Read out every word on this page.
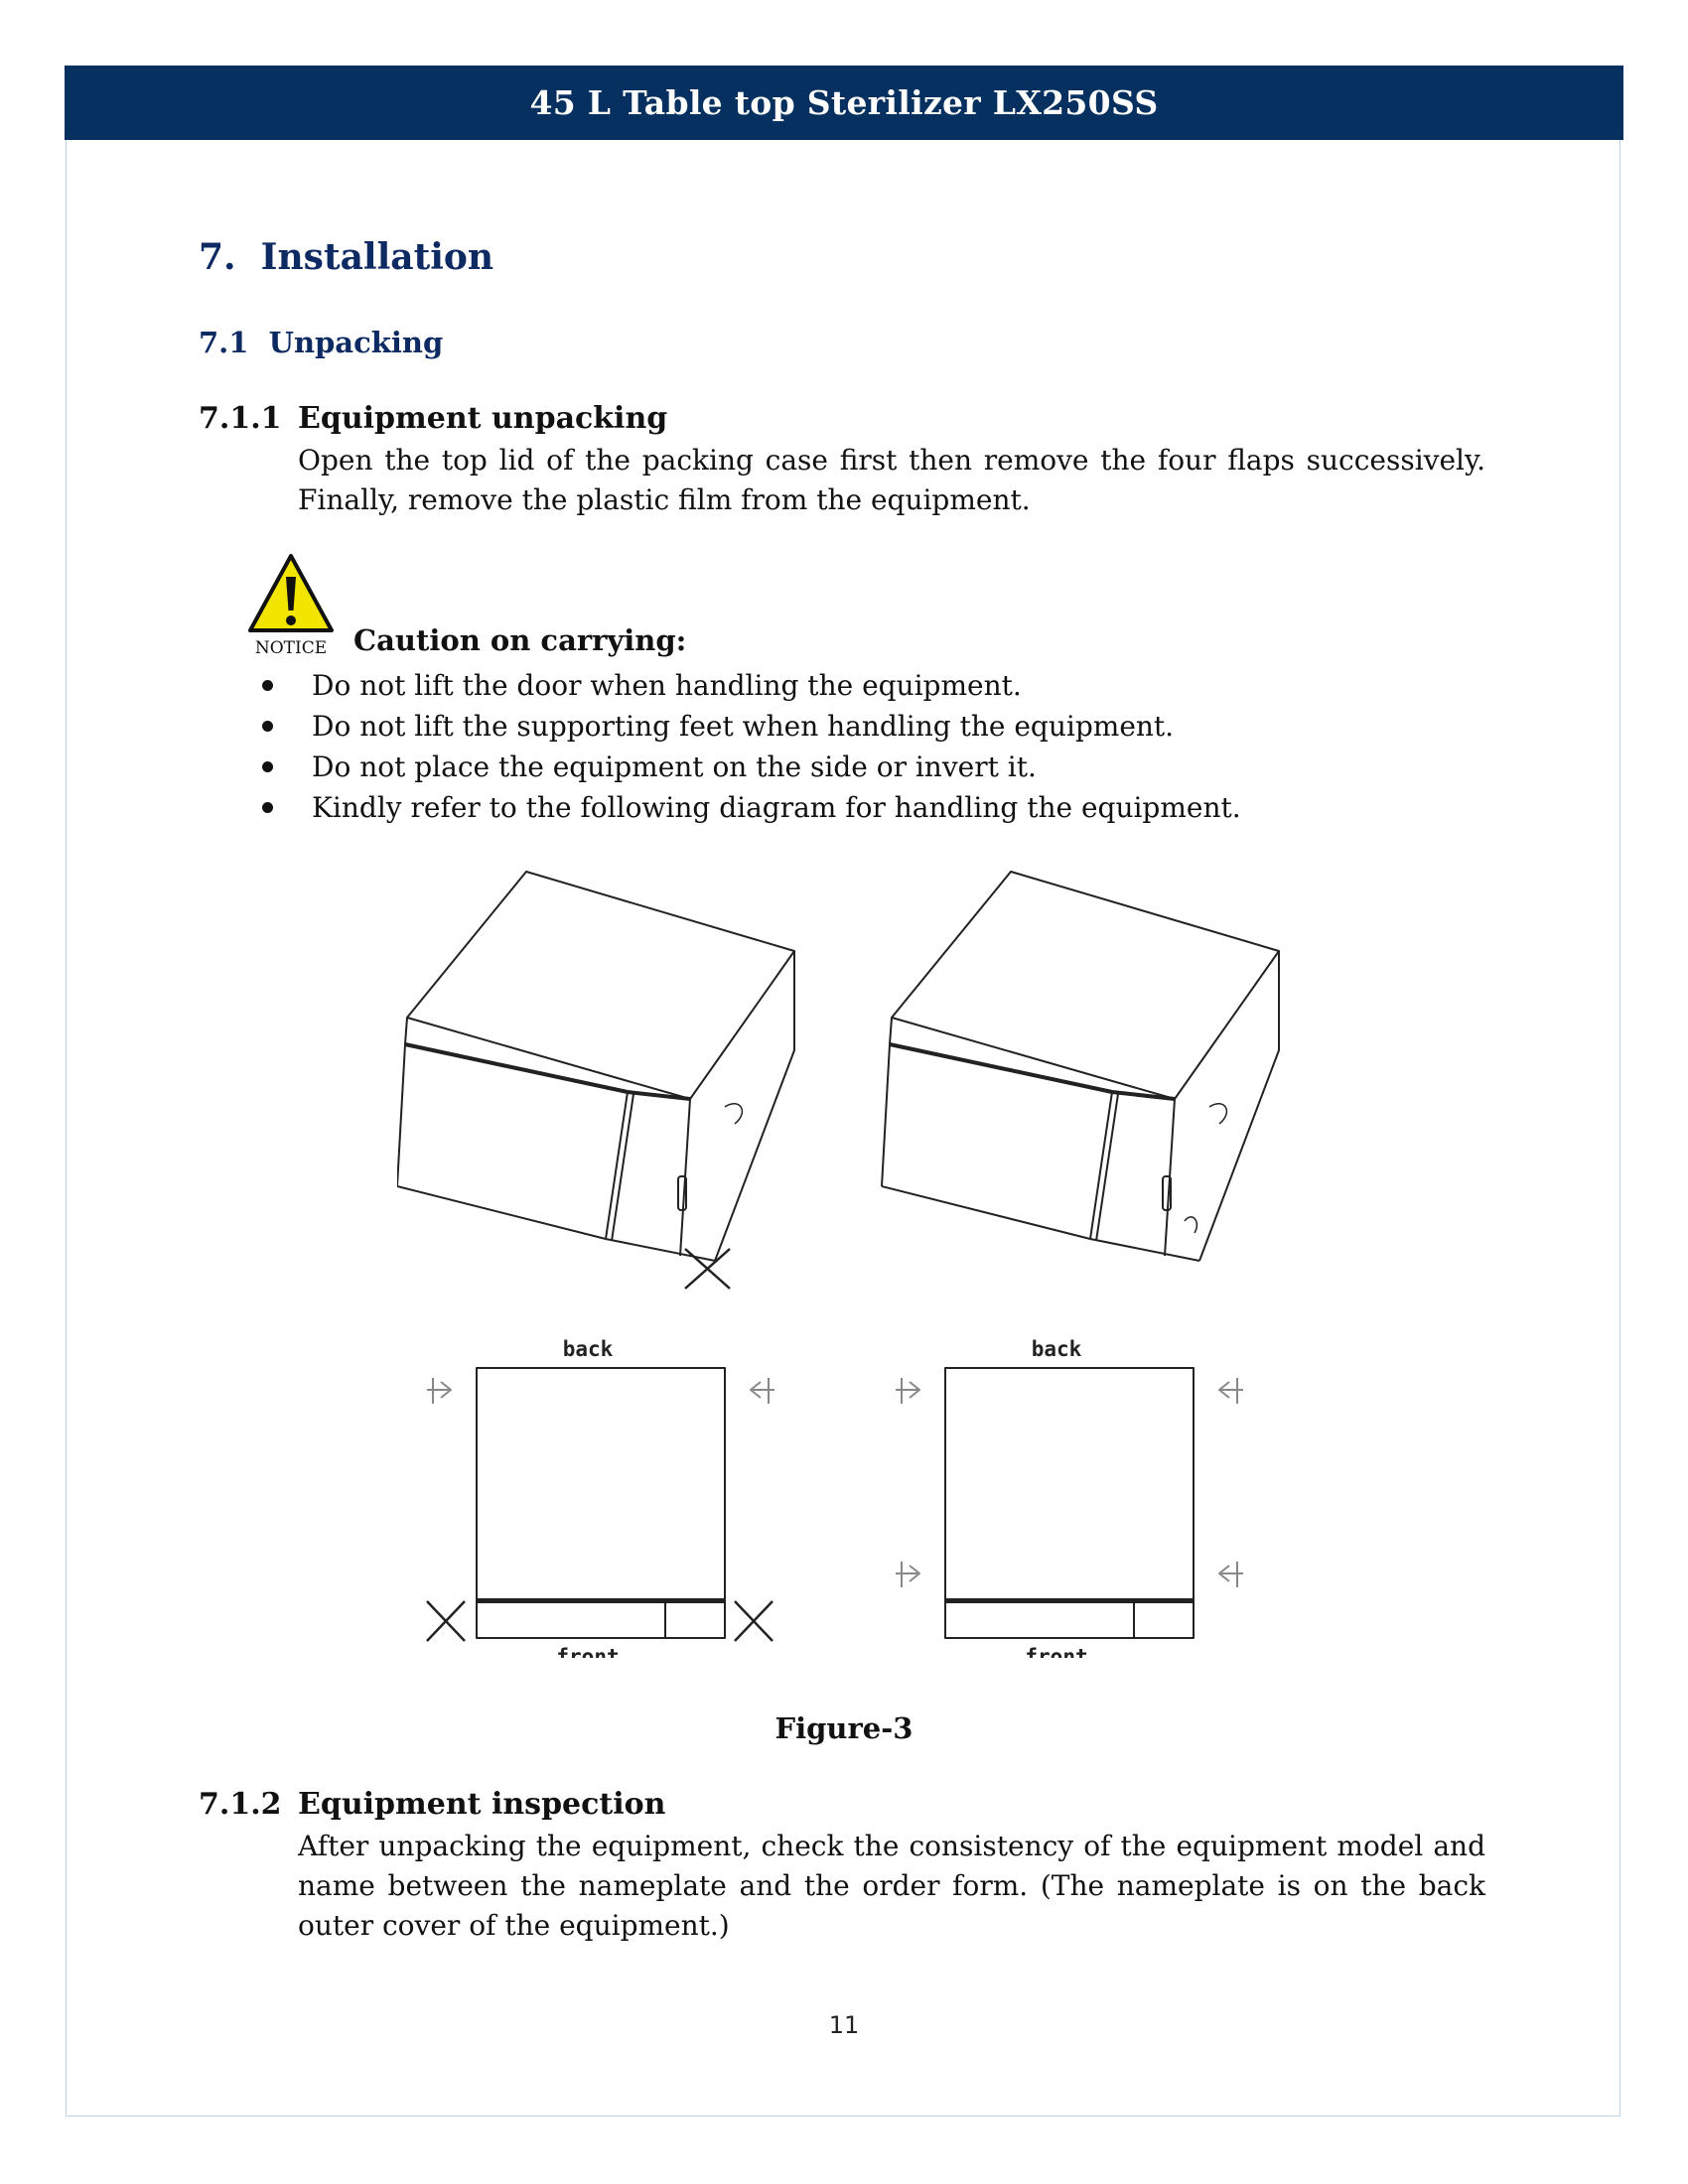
45 L Table top Sterilizer LX250SS
7. Installation
7.1 Unpacking
7.1.1 Equipment unpacking
Open the top lid of the packing case first then remove the four flaps successively. Finally, remove the plastic film from the equipment.
NOTICE Caution on carrying:
Do not lift the door when handling the equipment.
Do not lift the supporting feet when handling the equipment.
Do not place the equipment on the side or invert it.
Kindly refer to the following diagram for handling the equipment.
back
front
back
front
Figure-3
7.1.2 Equipment inspection
After unpacking the equipment, check the consistency of the equipment model and name between the nameplate and the order form. (The nameplate is on the back outer cover of the equipment.)
11
